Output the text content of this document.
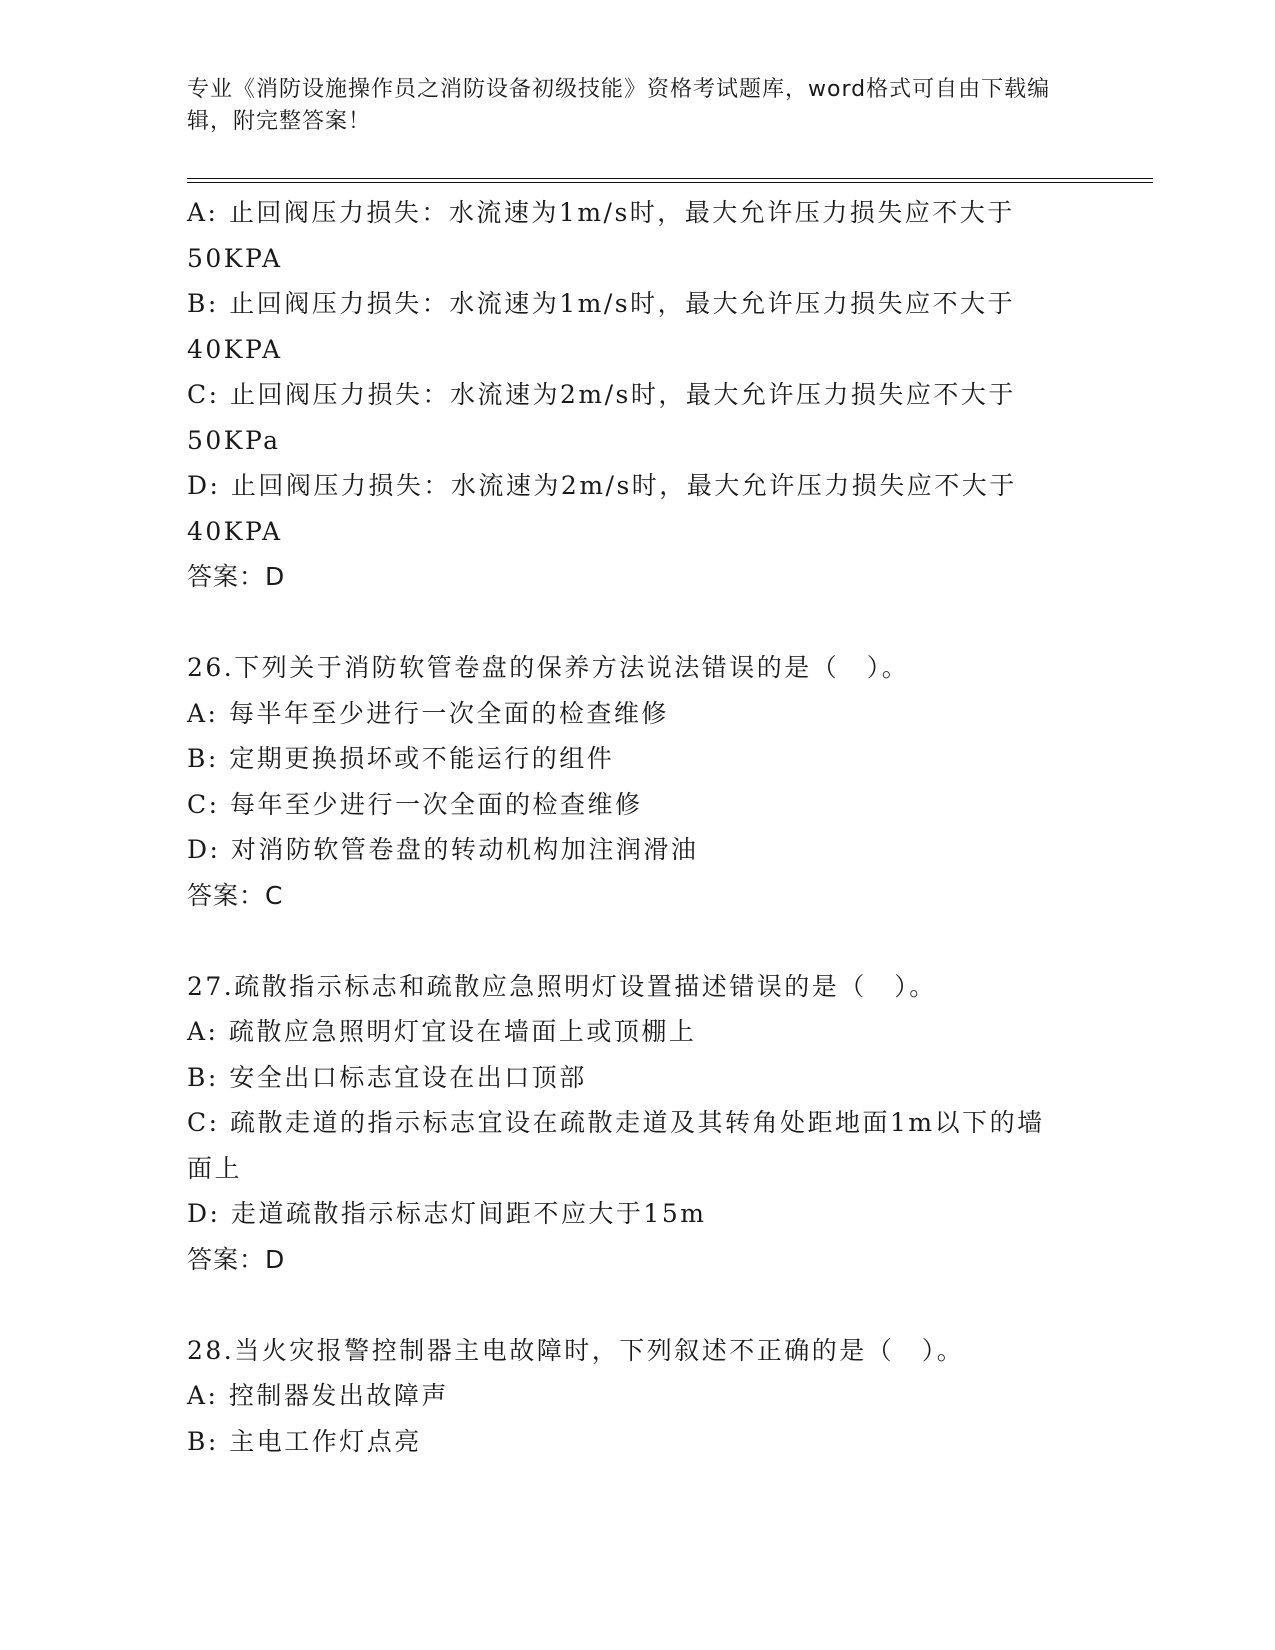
专业《消防设施操作员之消防设备初级技能》资格考试题库，word格式可自由下载编辑，附完整答案！
A: 止回阀压力损失：水流速为1m/s时，最大允许压力损失应不大于50KPA
B: 止回阀压力损失：水流速为1m/s时，最大允许压力损失应不大于40KPA
C: 止回阀压力损失：水流速为2m/s时，最大允许压力损失应不大于50KPa
D: 止回阀压力损失：水流速为2m/s时，最大允许压力损失应不大于40KPA
答案：D
26.下列关于消防软管卷盘的保养方法说法错误的是（　）。
A: 每半年至少进行一次全面的检查维修
B: 定期更换损坏或不能运行的组件
C: 每年至少进行一次全面的检查维修
D: 对消防软管卷盘的转动机构加注润滑油
答案：C
27.疏散指示标志和疏散应急照明灯设置描述错误的是（　）。
A: 疏散应急照明灯宜设在墙面上或顶棚上
B: 安全出口标志宜设在出口顶部
C: 疏散走道的指示标志宜设在疏散走道及其转角处距地面1m以下的墙面上
D: 走道疏散指示标志灯间距不应大于15m
答案：D
28.当火灾报警控制器主电故障时，下列叙述不正确的是（　）。
A: 控制器发出故障声
B: 主电工作灯点亮
